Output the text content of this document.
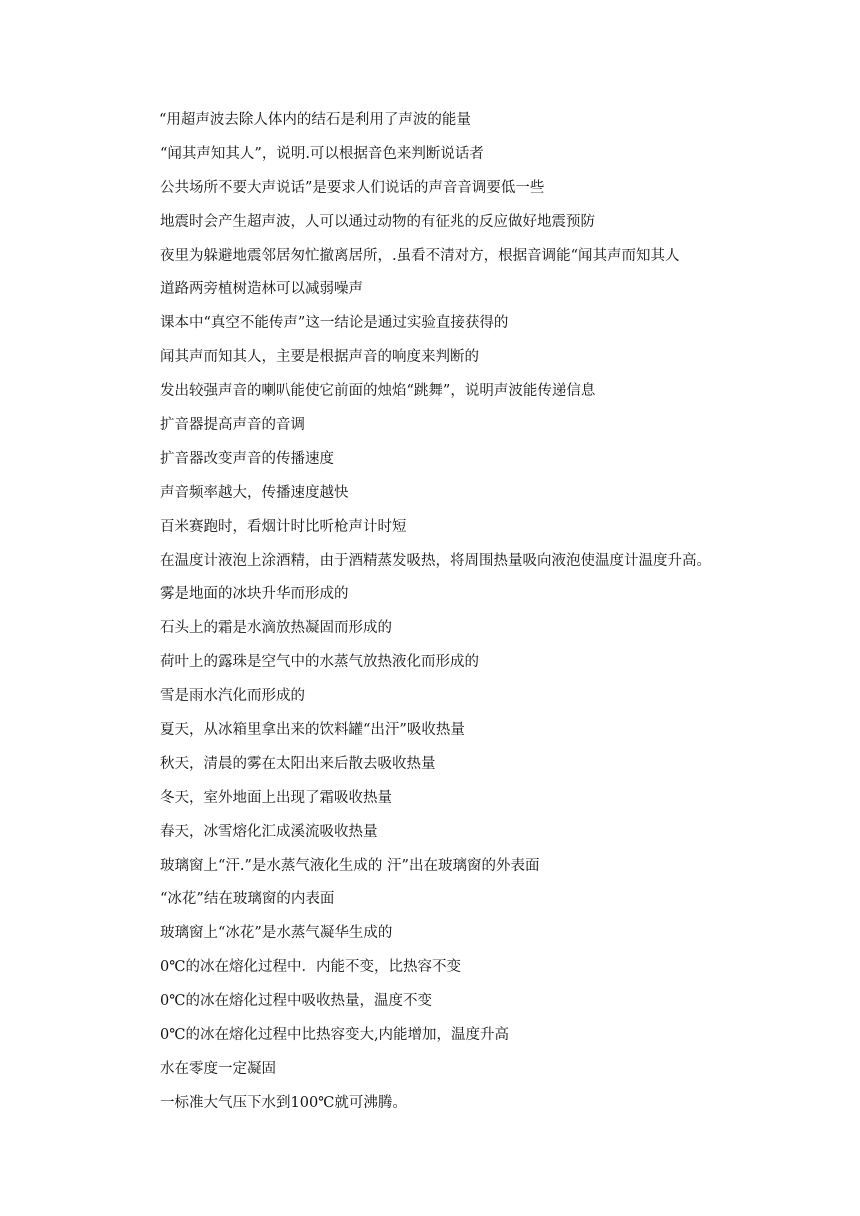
“用超声波去除人体内的结石是利用了声波的能量
“闻其声知其人”，说明.可以根据音色来判断说话者
公共场所不要大声说话”是要求人们说话的声音音调要低一些
地震时会产生超声波，人可以通过动物的有征兆的反应做好地震预防
夜里为躲避地震邻居匆忙撤离居所，.虽看不清对方，根据音调能“闻其声而知其人
道路两旁植树造林可以减弱噪声
课本中“真空不能传声”这一结论是通过实验直接获得的
闻其声而知其人，主要是根据声音的响度来判断的
发出较强声音的喇叭能使它前面的烛焰“跳舞”，说明声波能传递信息
扩音器提高声音的音调
扩音器改变声音的传播速度
声音频率越大，传播速度越快
百米赛跑时，看烟计时比听枪声计时短
在温度计液泡上涂酒精，由于酒精蒸发吸热，将周围热量吸向液泡使温度计温度升高。
雾是地面的冰块升华而形成的
石头上的霜是水滴放热凝固而形成的
荷叶上的露珠是空气中的水蒸气放热液化而形成的
雪是雨水汽化而形成的
夏天，从冰箱里拿出来的饮料罐“出汗”吸收热量
秋天，清晨的雾在太阳出来后散去吸收热量
冬天，室外地面上出现了霜吸收热量
春天，冰雪熔化汇成溪流吸收热量
玻璃窗上“汗.”是水蒸气液化生成的 汗”出在玻璃窗的外表面
“冰花”结在玻璃窗的内表面
玻璃窗上“冰花”是水蒸气凝华生成的
0℃的冰在熔化过程中．内能不变，比热容不变
0℃的冰在熔化过程中吸收热量，温度不变
0℃的冰在熔化过程中比热容变大,内能增加，温度升高
水在零度一定凝固
一标准大气压下水到100℃就可沸腾。
